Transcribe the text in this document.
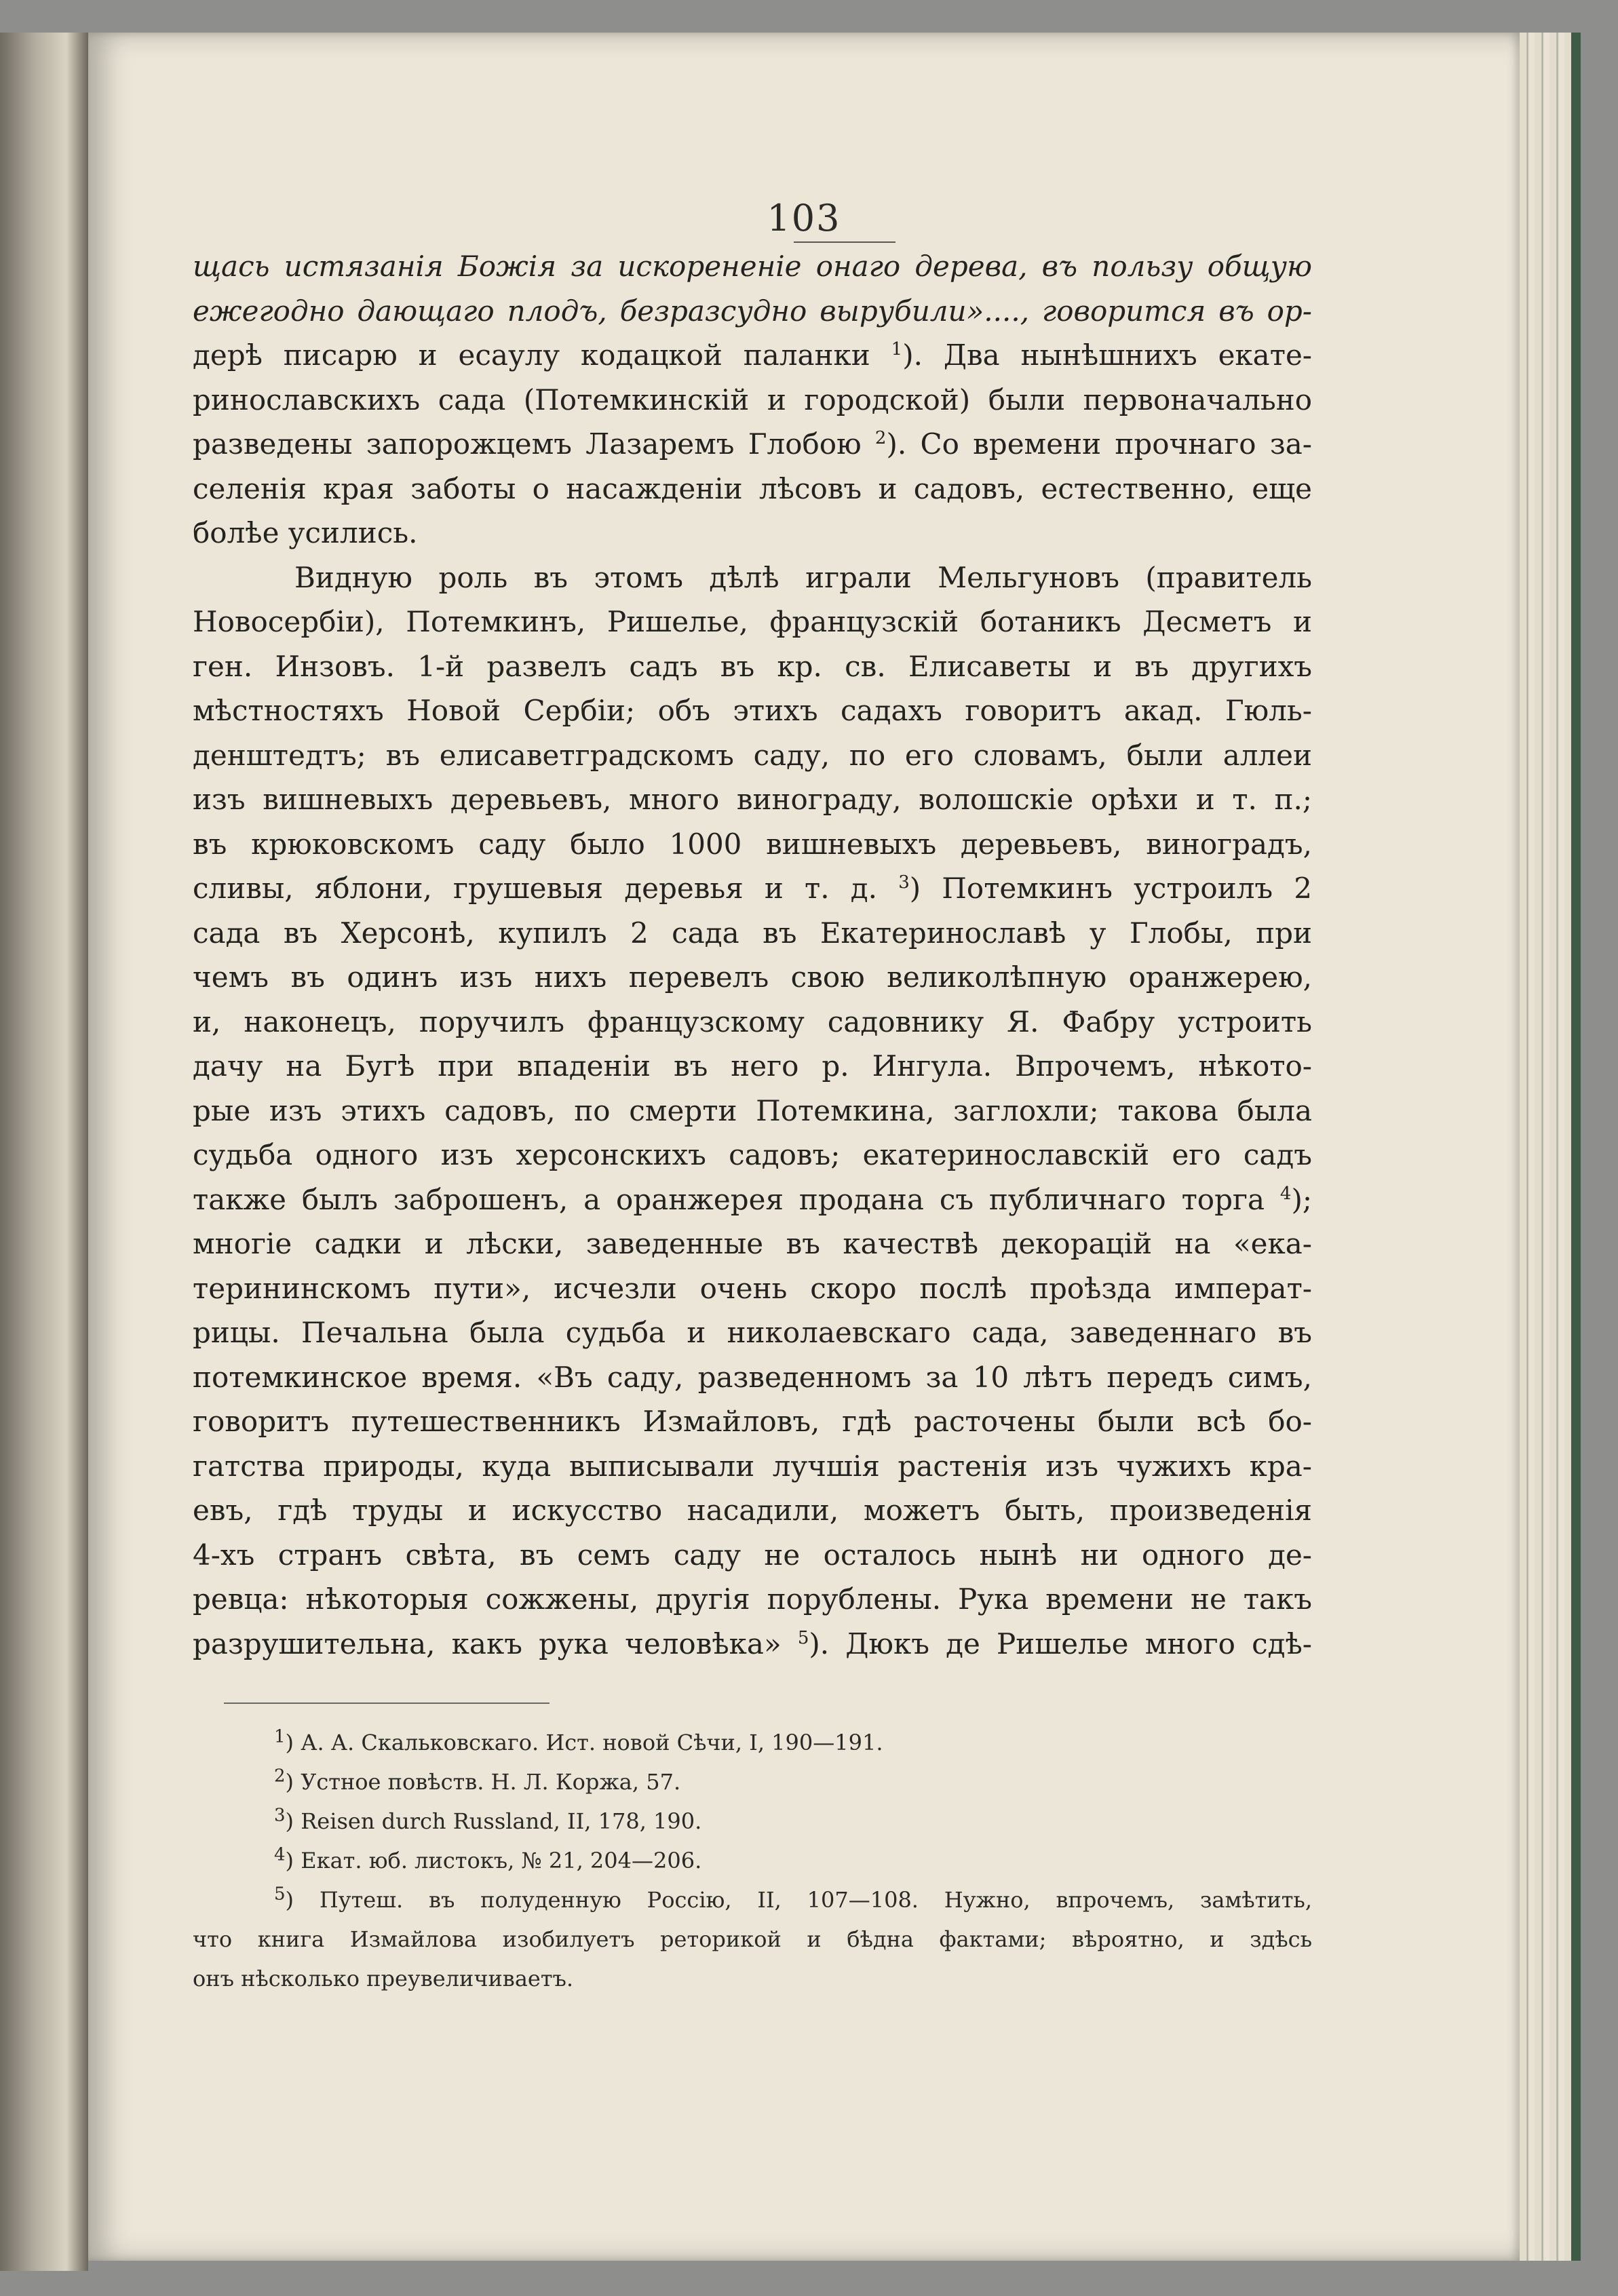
103
щась истязанія Божія за искорененіе онаго дерева, въ пользу общую
ежегодно дающаго плодъ, безразсудно вырубили»...., говорится въ ор-
дерѣ писарю и есаулу кодацкой паланки $^1$). Два нынѣшнихъ екате-
ринославскихъ сада (Потемкинскій и городской) были первоначально
разведены запорожцемъ Лазаремъ Глобою $^2$). Со времени прочнаго за-
селенія края заботы о насажденіи лѣсовъ и садовъ, естественно, еще
болѣе усились.
Видную роль въ этомъ дѣлѣ играли Мельгуновъ (правитель
Новосербіи), Потемкинъ, Ришелье, французскій ботаникъ Десметъ и
ген. Инзовъ. 1-й развелъ садъ въ кр. св. Елисаветы и въ другихъ
мѣстностяхъ Новой Сербіи; объ этихъ садахъ говоритъ акад. Гюль-
денштедтъ; въ елисаветградскомъ саду, по его словамъ, были аллеи
изъ вишневыхъ деревьевъ, много винограду, волошскіе орѣхи и т. п.;
въ крюковскомъ саду было 1000 вишневыхъ деревьевъ, виноградъ,
сливы, яблони, грушевыя деревья и т. д. $^3$) Потемкинъ устроилъ 2
сада въ Херсонѣ, купилъ 2 сада въ Екатеринославѣ у Глобы, при
чемъ въ одинъ изъ нихъ перевелъ свою великолѣпную оранжерею,
и, наконецъ, поручилъ французскому садовнику Я. Фабру устроить
дачу на Бугѣ при впаденіи въ него р. Ингула. Впрочемъ, нѣкото-
рые изъ этихъ садовъ, по смерти Потемкина, заглохли; такова была
судьба одного изъ херсонскихъ садовъ; екатеринославскій его садъ
также былъ заброшенъ, а оранжерея продана съ публичнаго торга $^4$);
многіе садки и лѣски, заведенные въ качествѣ декорацій на «ека-
терининскомъ пути», исчезли очень скоро послѣ проѣзда императ-
рицы. Печальна была судьба и николаевскаго сада, заведеннаго въ
потемкинское время. «Въ саду, разведенномъ за 10 лѣтъ передъ симъ,
говоритъ путешественникъ Измайловъ, гдѣ расточены были всѣ бо-
гатства природы, куда выписывали лучшія растенія изъ чужихъ кра-
евъ, гдѣ труды и искусство насадили, можетъ быть, произведенія
4-хъ странъ свѣта, въ семъ саду не осталось нынѣ ни одного де-
ревца: нѣкоторыя сожжены, другія порублены. Рука времени не такъ
разрушительна, какъ рука человѣка» $^5$). Дюкъ де Ришелье много сдѣ-
$^1$) А. А. Скальковскаго. Ист. новой Сѣчи, I, 190—191.
$^2$) Устное повѣств. Н. Л. Коржа, 57.
$^3$) Reisen durch Russland, II, 178, 190.
$^4$) Екат. юб. листокъ, № 21, 204—206.
$^5$) Путеш. въ полуденную Россію, II, 107—108. Нужно, впрочемъ, замѣтить,
что книга Измайлова изобилуетъ реторикой и бѣдна фактами; вѣроятно, и здѣсь
онъ нѣсколько преувеличиваетъ.
